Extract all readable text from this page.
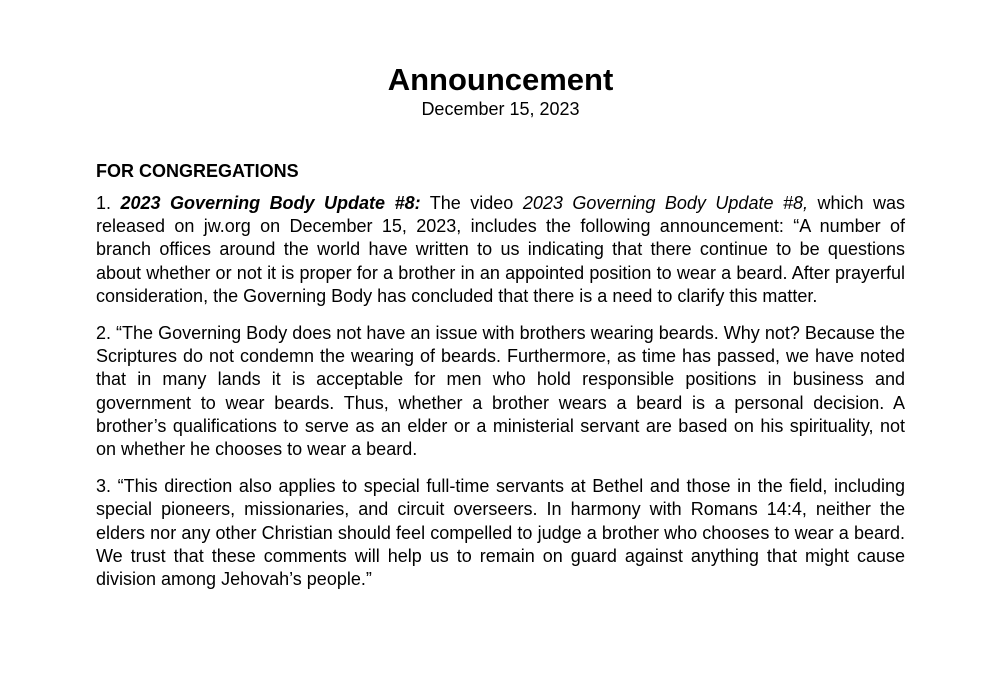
Announcement

December 15, 2023

FOR CONGREGATIONS

1. 2023 Governing Body Update #8: The video 2023 Governing Body Update #8, which was released on jw.org on December 15, 2023, includes the following announcement: “A number of branch offices around the world have written to us indicating that there continue to be questions about whether or not it is proper for a brother in an appointed position to wear a beard. After prayerful consideration, the Governing Body has concluded that there is a need to clarify this matter.

2. “The Governing Body does not have an issue with brothers wearing beards. Why not? Because the Scriptures do not condemn the wearing of beards. Furthermore, as time has passed, we have noted that in many lands it is acceptable for men who hold responsible positions in business and government to wear beards. Thus, whether a brother wears a beard is a personal decision. A brother’s qualifications to serve as an elder or a ministerial servant are based on his spirituality, not on whether he chooses to wear a beard.

3. “This direction also applies to special full-time servants at Bethel and those in the field, including special pioneers, missionaries, and circuit overseers. In harmony with Romans 14:4, neither the elders nor any other Christian should feel compelled to judge a brother who chooses to wear a beard. We trust that these comments will help us to remain on guard against anything that might cause division among Jehovah’s people.”
